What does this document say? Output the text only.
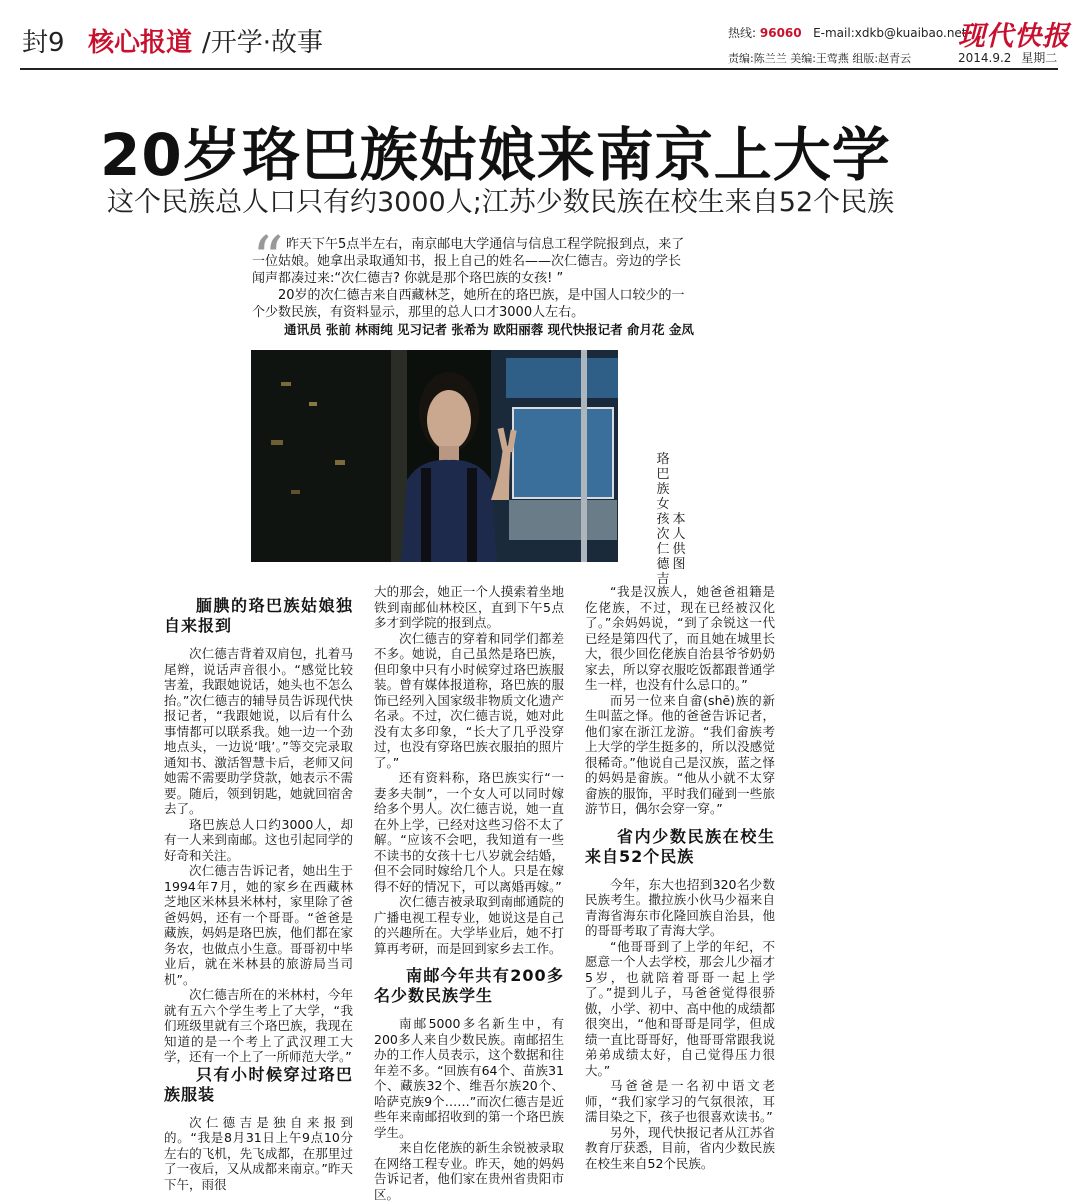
封9 核心报道 /开学·故事	热线: 96060 E-mail:xdkb@kuaibao.net
现代快报
责编:陈兰兰 美编:王莺燕 组版:赵青云	2014.9.2 星期二
20岁珞巴族姑娘来南京上大学
这个民族总人口只有约3000人;江苏少数民族在校生来自52个民族
“ 昨天下午5点半左右，南京邮电大学通信与信息工程学院报到点，来了一位姑娘。她拿出录取通知书，报上自己的姓名——次仁德吉。旁边的学长闻声都凑过来:“次仁德吉? 你就是那个珞巴族的女孩! ”

20岁的次仁德吉来自西藏林芝，她所在的珞巴族，是中国人口较少的一个少数民族，有资料显示，那里的总人口才3000人左右。

通讯员 张前 林雨纯 见习记者 张希为 欧阳丽蓉 现代快报记者 俞月花 金凤
珞巴族女孩次仁德吉
本人供图
腼腆的珞巴族姑娘独自来报到

次仁德吉背着双肩包，扎着马尾辫，说话声音很小。“感觉比较害羞，我跟她说话，她头也不怎么抬。”次仁德吉的辅导员告诉现代快报记者，“我跟她说，以后有什么事情都可以联系我。她一边一个劲地点头，一边说‘哦’。”等交完录取通知书、激活智慧卡后，老师又问她需不需要助学贷款，她表示不需要。随后，领到钥匙，她就回宿舍去了。

珞巴族总人口约3000人，却有一人来到南邮。这也引起同学的好奇和关注。

次仁德吉告诉记者，她出生于1994年7月，她的家乡在西藏林芝地区米林县米林村，家里除了爸爸妈妈，还有一个哥哥。“爸爸是藏族，妈妈是珞巴族，他们都在家务农，也做点小生意。哥哥初中毕业后，就在米林县的旅游局当司机”。

次仁德吉所在的米林村，今年就有五六个学生考上了大学，“我们班级里就有三个珞巴族，我现在知道的是一个考上了武汉理工大学，还有一个上了一所师范大学。”

只有小时候穿过珞巴族服装

次仁德吉是独自来报到的。“我是8月31日上午9点10分左右的飞机，先飞成都，在那里过了一夜后，又从成都来南京。”昨天下午，雨很

大的那会，她正一个人摸索着坐地铁到南邮仙林校区，直到下午5点多才到学院的报到点。

次仁德吉的穿着和同学们都差不多。她说，自己虽然是珞巴族，但印象中只有小时候穿过珞巴族服装。曾有媒体报道称，珞巴族的服饰已经列入国家级非物质文化遗产名录。不过，次仁德吉说，她对此没有太多印象，“长大了几乎没穿过，也没有穿珞巴族衣服拍的照片了。”

还有资料称，珞巴族实行“一妻多夫制”，一个女人可以同时嫁给多个男人。次仁德吉说，她一直在外上学，已经对这些习俗不太了解。“应该不会吧，我知道有一些不读书的女孩十七八岁就会结婚，但不会同时嫁给几个人。只是在嫁得不好的情况下，可以离婚再嫁。”

次仁德吉被录取到南邮通院的广播电视工程专业，她说这是自己的兴趣所在。大学毕业后，她不打算再考研，而是回到家乡去工作。

南邮今年共有200多名少数民族学生

南邮5000多名新生中，有200多人来自少数民族。南邮招生办的工作人员表示，这个数据和往年差不多。“回族有64个、苗族31个、藏族32个、维吾尔族20个、哈萨克族9个……”而次仁德吉是近些年来南邮招收到的第一个珞巴族学生。

来自仡佬族的新生余锐被录取在网络工程专业。昨天，她的妈妈告诉记者，他们家在贵州省贵阳市区。

“我是汉族人，她爸爸祖籍是仡佬族，不过，现在已经被汉化了。”余妈妈说，“到了余锐这一代已经是第四代了，而且她在城里长大，很少回仡佬族自治县爷爷奶奶家去，所以穿衣服吃饭都跟普通学生一样，也没有什么忌口的。”

而另一位来自畲(shē)族的新生叫蓝之怿。他的爸爸告诉记者，他们家在浙江龙游。“我们畲族考上大学的学生挺多的，所以没感觉很稀奇。”他说自己是汉族，蓝之怿的妈妈是畲族。“他从小就不太穿畲族的服饰，平时我们碰到一些旅游节日，偶尔会穿一穿。”

省内少数民族在校生来自52个民族

今年，东大也招到320名少数民族考生。撒拉族小伙马少福来自青海省海东市化隆回族自治县，他的哥哥考取了青海大学。

“他哥哥到了上学的年纪，不愿意一个人去学校，那会儿少福才5岁，也就陪着哥哥一起上学了。”提到儿子，马爸爸觉得很骄傲，小学、初中、高中他的成绩都很突出，“他和哥哥是同学，但成绩一直比哥哥好，他哥哥常跟我说弟弟成绩太好，自己觉得压力很大。”

马爸爸是一名初中语文老师，“我们家学习的气氛很浓，耳濡目染之下，孩子也很喜欢读书。”

另外，现代快报记者从江苏省教育厅获悉，目前，省内少数民族在校生来自52个民族。
